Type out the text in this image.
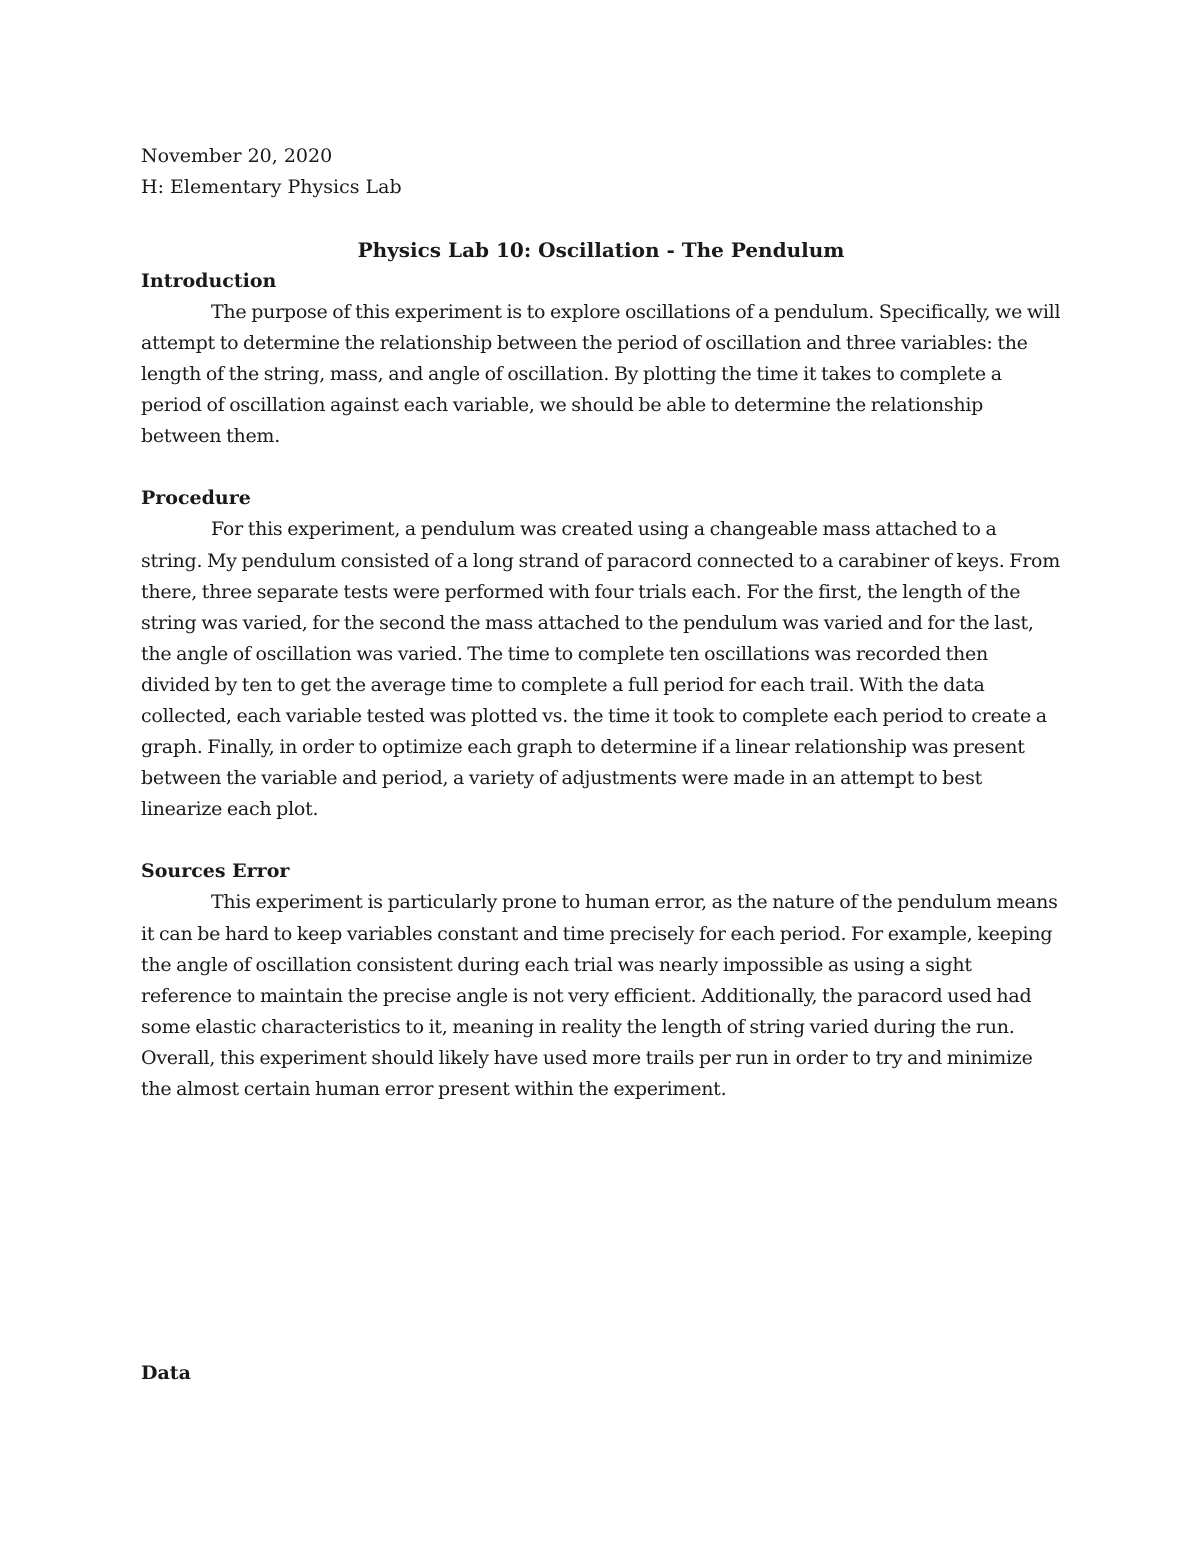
November 20, 2020

H: Elementary Physics Lab

Physics Lab 10: Oscillation - The Pendulum

Introduction

The purpose of this experiment is to explore oscillations of a pendulum. Specifically, we will attempt to determine the relationship between the period of oscillation and three variables: the length of the string, mass, and angle of oscillation. By plotting the time it takes to complete a period of oscillation against each variable, we should be able to determine the relationship between them.

Procedure

For this experiment, a pendulum was created using a changeable mass attached to a string. My pendulum consisted of a long strand of paracord connected to a carabiner of keys. From there, three separate tests were performed with four trials each. For the first, the length of the string was varied, for the second the mass attached to the pendulum was varied and for the last, the angle of oscillation was varied. The time to complete ten oscillations was recorded then divided by ten to get the average time to complete a full period for each trail. With the data collected, each variable tested was plotted vs. the time it took to complete each period to create a graph. Finally, in order to optimize each graph to determine if a linear relationship was present between the variable and period, a variety of adjustments were made in an attempt to best linearize each plot.

Sources Error

This experiment is particularly prone to human error, as the nature of the pendulum means it can be hard to keep variables constant and time precisely for each period. For example, keeping the angle of oscillation consistent during each trial was nearly impossible as using a sight reference to maintain the precise angle is not very efficient. Additionally, the paracord used had some elastic characteristics to it, meaning in reality the length of string varied during the run. Overall, this experiment should likely have used more trails per run in order to try and minimize the almost certain human error present within the experiment.

Data
